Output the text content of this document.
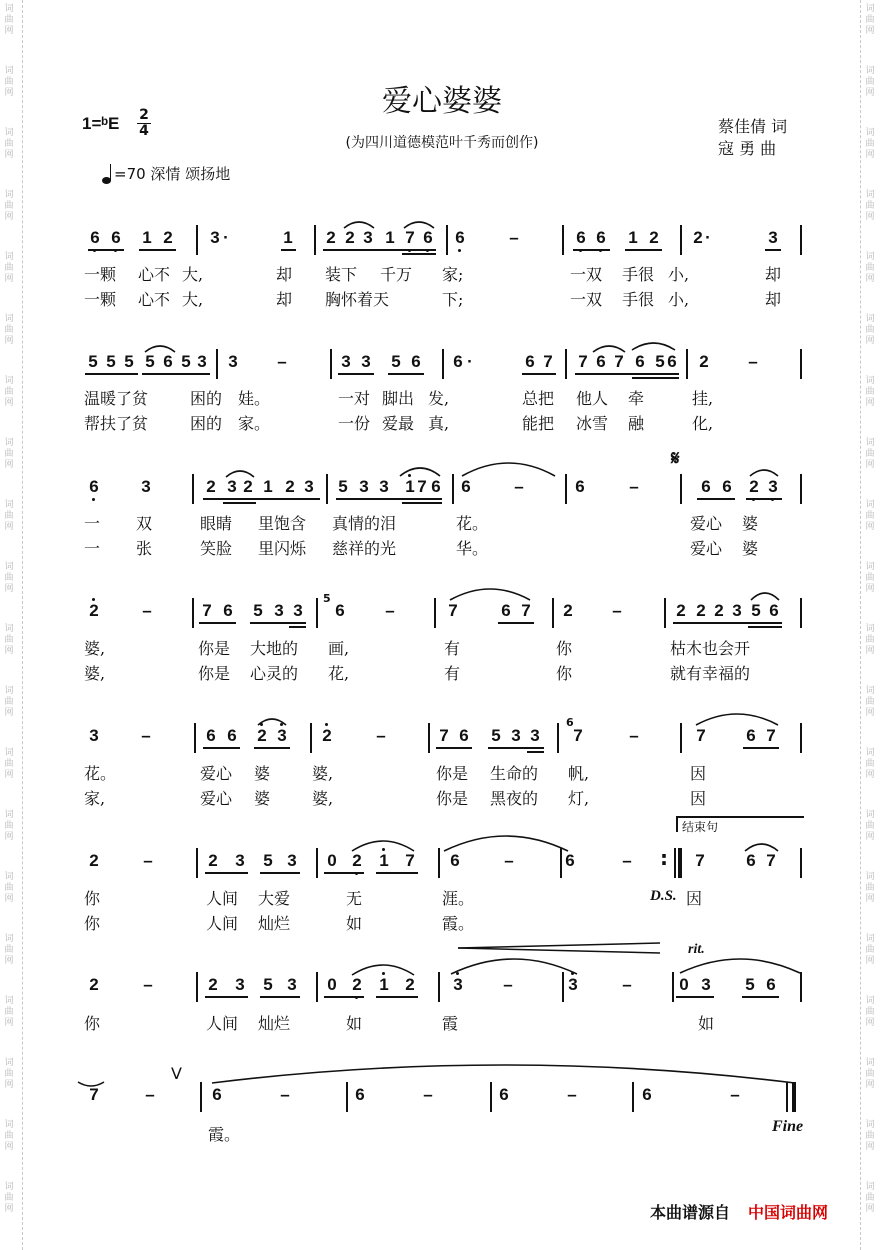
词
曲
网
词
曲
网
词
曲
网
词
曲
网
词
曲
网
词
曲
网
词
曲
网
词
曲
网
词
曲
网
词
曲
网
词
曲
网
词
曲
网
词
曲
网
词
曲
网
词
曲
网
词
曲
网
词
曲
网
词
曲
网
词
曲
网
词
曲
网
词
曲
网
词
曲
网
词
曲
网
词
曲
网
词
曲
网
词
曲
网
词
曲
网
词
曲
网
词
曲
网
词
曲
网
词
曲
网
词
曲
网
词
曲
网
词
曲
网
词
曲
网
词
曲
网
词
曲
网
词
曲
网
词
曲
网
词
曲
网
爱心婆婆
(为四川道德模范叶千秀而创作)
1=ᵇE 2
4
=70 深情 颂扬地
蔡佳倩 词
寇 勇 曲
6 6	1 2	3 ·	1	2 2 3 1 7 6	6	–	6 6	1 2	2 ·	3
一颗 心不 大,	却 装下 千万 家;	一双 手很 小,	却
一颗 心不 大,	却 胸怀着天	下;	一双 手很 小,	却
5 5 5 5 6 5 3	3	–	3 3	5 6	6 ·	6 7	7 6 7 6 5 6	2	–
温暖了贫	困的 娃。	一对 脚出 发,	总把 他人 牵	挂,
帮扶了贫	困的 家。	一份 爱最 真,	能把 冰雪 融	化,
6	3	2 3 2 1 2 3	5 3 3 1 7 6	6	–	6	–	6 6	2 3
一 双	眼睛 里饱含 真情的泪	花。	爱心 婆
一 张	笑脸 里闪烁 慈祥的光	华。	爱心 婆
2	–	7 6	5 3 3	6	–	7	6 7	2	–	2 2 2 3 5 6
5
婆,	你是 大地的 画,	有	你	枯木也会开
婆,	你是 心灵的 花,	有	你	就有幸福的
3	–	6 6	2 3	2	–	7 6	5 3 3	7	–	7	6 7
6
花。	爱心 婆	婆,	你是 生命的 帆,	因
家,	爱心 婆	婆,	你是 黑夜的 灯,	因
2	–	2	3	5 3	0 2	1 7	6	–	6	–	7	6 7
:
你	人间 大爱	无	涯。	因
你	人间 灿烂	如	霞。
2	–	2	3	5 3	0 2	1 2	3	–	3	–	0 3	5 6
你	人间 灿烂	如	霞	如
7	–	6	–	6	–	6	–	6	–
霞。
𝄋
结束句
D.S.
rit.
Fine
V
本曲谱源自 中国词曲网
